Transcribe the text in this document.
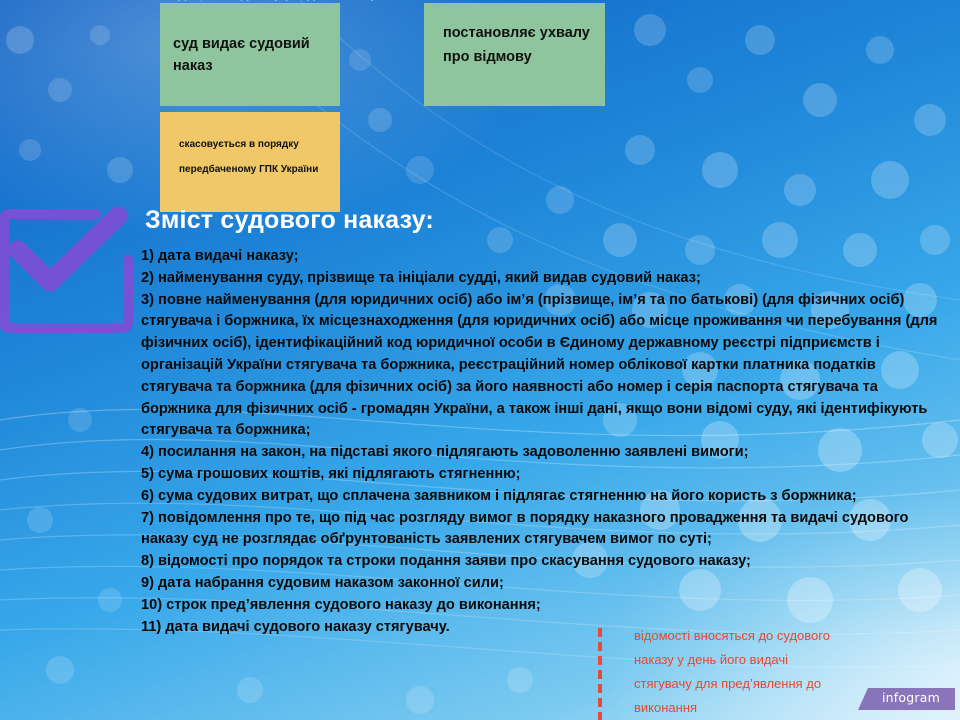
суд видає судовий наказ
постановляє ухвалу про відмову
скасовується в порядку передбаченому ГПК України
Зміст судового наказу:
1) дата видачі наказу;
2) найменування суду, прізвище та ініціали судді, який видав судовий наказ;
3) повне найменування (для юридичних осіб) або ім’я (прізвище, ім’я та по батькові) (для фізичних осіб) стягувача і боржника, їх місцезнаходження (для юридичних осіб) або місце проживання чи перебування (для фізичних осіб), ідентифікаційний код юридичної особи в Єдиному державному реєстрі підприємств і організацій України стягувача та боржника, реєстраційний номер облікової картки платника податків стягувача та боржника (для фізичних осіб) за його наявності або номер і серія паспорта стягувача та боржника для фізичних осіб - громадян України, а також інші дані, якщо вони відомі суду, які ідентифікують стягувача та боржника;
4) посилання на закон, на підставі якого підлягають задоволенню заявлені вимоги;
5) сума грошових коштів, які підлягають стягненню;
6) сума судових витрат, що сплачена заявником і підлягає стягненню на його користь з боржника;
7) повідомлення про те, що під час розгляду вимог в порядку наказного провадження та видачі судового наказу суд не розглядає обґрунтованість заявлених стягувачем вимог по суті;
8) відомості про порядок та строки подання заяви про скасування судового наказу;
9) дата набрання судовим наказом законної сили;
10) строк пред’явлення судового наказу до виконання;
11) дата видачі судового наказу стягувачу.
відомості вносяться до судового наказу у день його видачі стягувачу для пред’явлення до виконання
infogram
